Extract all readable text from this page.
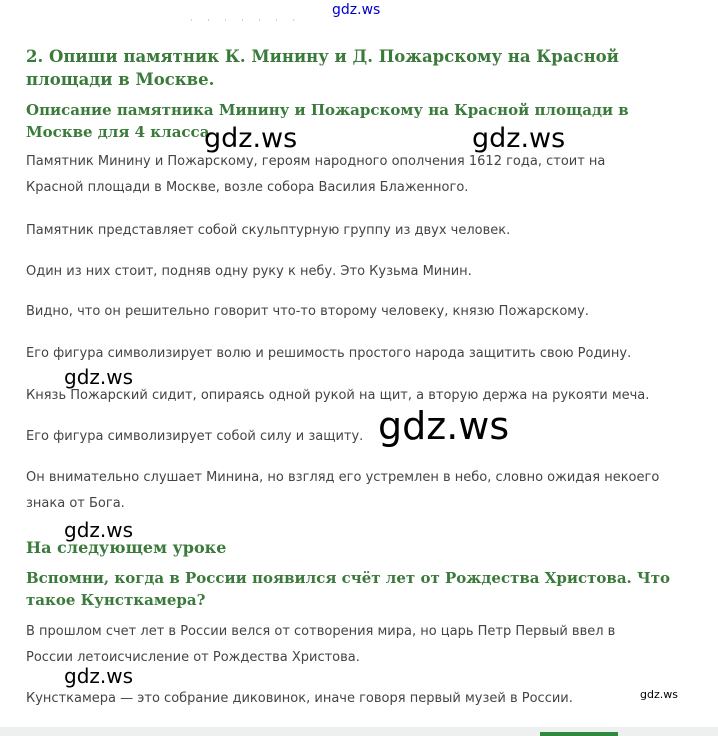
· · · · · · ·
2. Опиши памятник К. Минину и Д. Пожарскому на Красной
площади в Москве.
Описание памятника Минину и Пожарскому на Красной площади в
Москве для 4 класса

Памятник Минину и Пожарскому, героям народного ополчения 1612 года, стоит на
Красной площади в Москве, возле собора Василия Блаженного.

Памятник представляет собой скульптурную группу из двух человек.

Один из них стоит, подняв одну руку к небу. Это Кузьма Минин.

Видно, что он решительно говорит что-то второму человеку, князю Пожарскому.

Его фигура символизирует волю и решимость простого народа защитить свою Родину.

Князь Пожарский сидит, опираясь одной рукой на щит, а вторую держа на рукояти меча.

Его фигура символизирует собой силу и защиту.

Он внимательно слушает Минина, но взгляд его устремлен в небо, словно ожидая некоего
знака от Бога.

На следующем уроке
Вспомни, когда в России появился счёт лет от Рождества Христова. Что
такое Кунсткамера?

В прошлом счет лет в России велся от сотворения мира, но царь Петр Первый ввел в
России летоисчисление от Рождества Христова.

Кунсткамера — это собрание диковинок, иначе говоря первый музей в России.

gdz.ws
gdz.ws	gdz.ws
gdz.ws
gdz.ws
gdz.ws
gdz.ws
gdz.ws
